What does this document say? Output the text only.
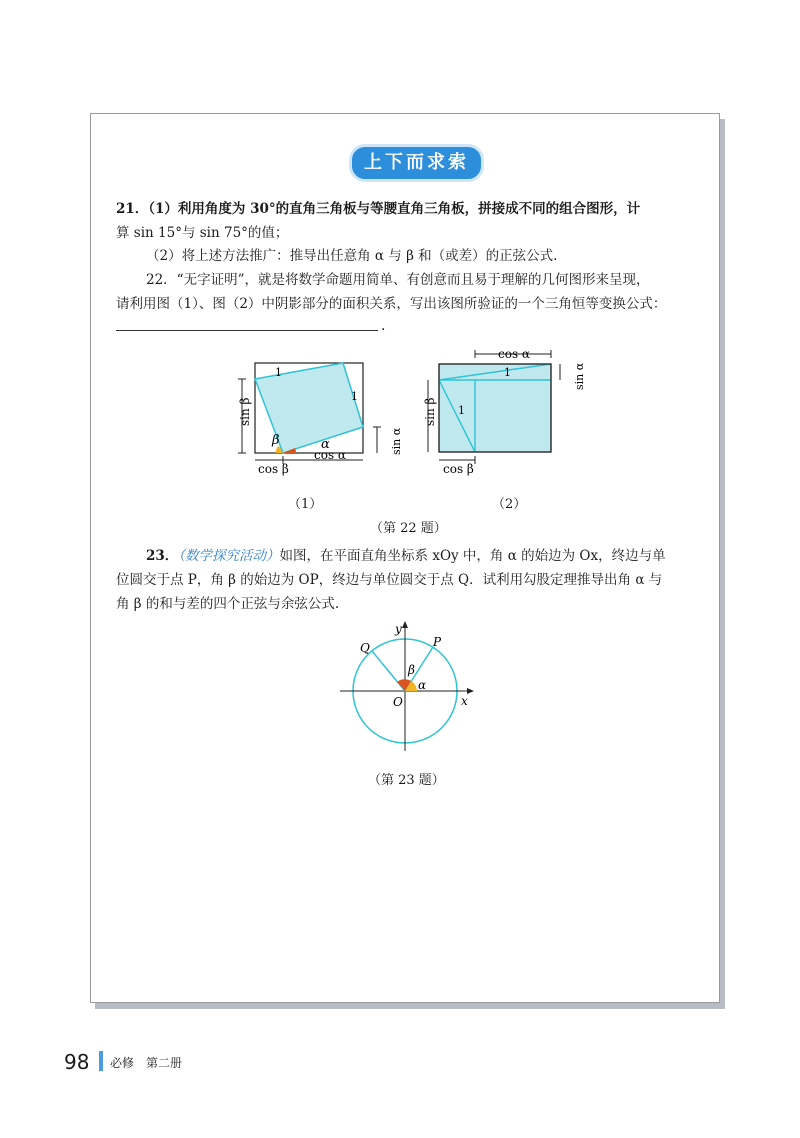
上下而求索
21．（1）利用角度为 30°的直角三角板与等腰直角三角板，拼接成不同的组合图形，计
算 sin 15°与 sin 75°的值；
（2）将上述方法推广：推导出任意角 α 与 β 和（或差）的正弦公式.
22．“无字证明”，就是将数学命题用简单、有创意而且易于理解的几何图形来呈现，
请利用图（1）、图（2）中阴影部分的面积关系，写出该图所验证的一个三角恒等变换公式：
.
1
1
β	α
sin β
sin α
cos β
cos α
cos α
sin α
sin β
cos β
1
1
（1）	（2）
（第 22 题）
23．（数学探究活动）如图，在平面直角坐标系 xOy 中，角 α 的始边为 Ox，终边与单
位圆交于点 P，角 β 的始边为 OP，终边与单位圆交于点 Q．试利用勾股定理推导出角 α 与
角 β 的和与差的四个正弦与余弦公式.
y
x
O
P
Q
β
α
（第 23 题）
98 必修　第二册
